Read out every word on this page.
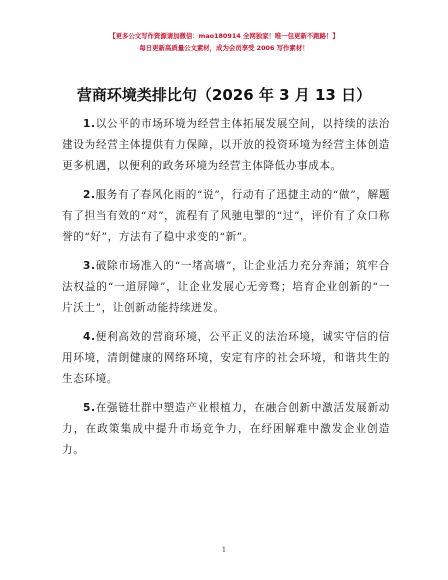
【更多公文写作资源请加微信：mao180914 全网独家！唯一包更新不跑路！】
每日更新高质量公文素材，成为会员享受 2006 写作素材！
营商环境类排比句（2026 年 3 月 13 日）

1.以公平的市场环境为经营主体拓展发展空间，以持续的法治建设为经营主体提供有力保障，以开放的投资环境为经营主体创造更多机遇，以便利的政务环境为经营主体降低办事成本。

2.服务有了春风化雨的“说”，行动有了迅捷主动的“做”，解题有了担当有效的“对”，流程有了风驰电掣的“过”，评价有了众口称誉的“好”，方法有了稳中求变的“新”。

3.破除市场准入的“一堵高墙”，让企业活力充分奔涌；筑牢合法权益的“一道屏障”，让企业发展心无旁骛；培育企业创新的“一片沃土”，让创新动能持续迸发。

4.便利高效的营商环境，公平正义的法治环境，诚实守信的信用环境，清朗健康的网络环境，安定有序的社会环境，和谐共生的生态环境。

5.在强链壮群中塑造产业根植力，在融合创新中激活发展新动力，在政策集成中提升市场竞争力，在纾困解难中激发企业创造力。

1
